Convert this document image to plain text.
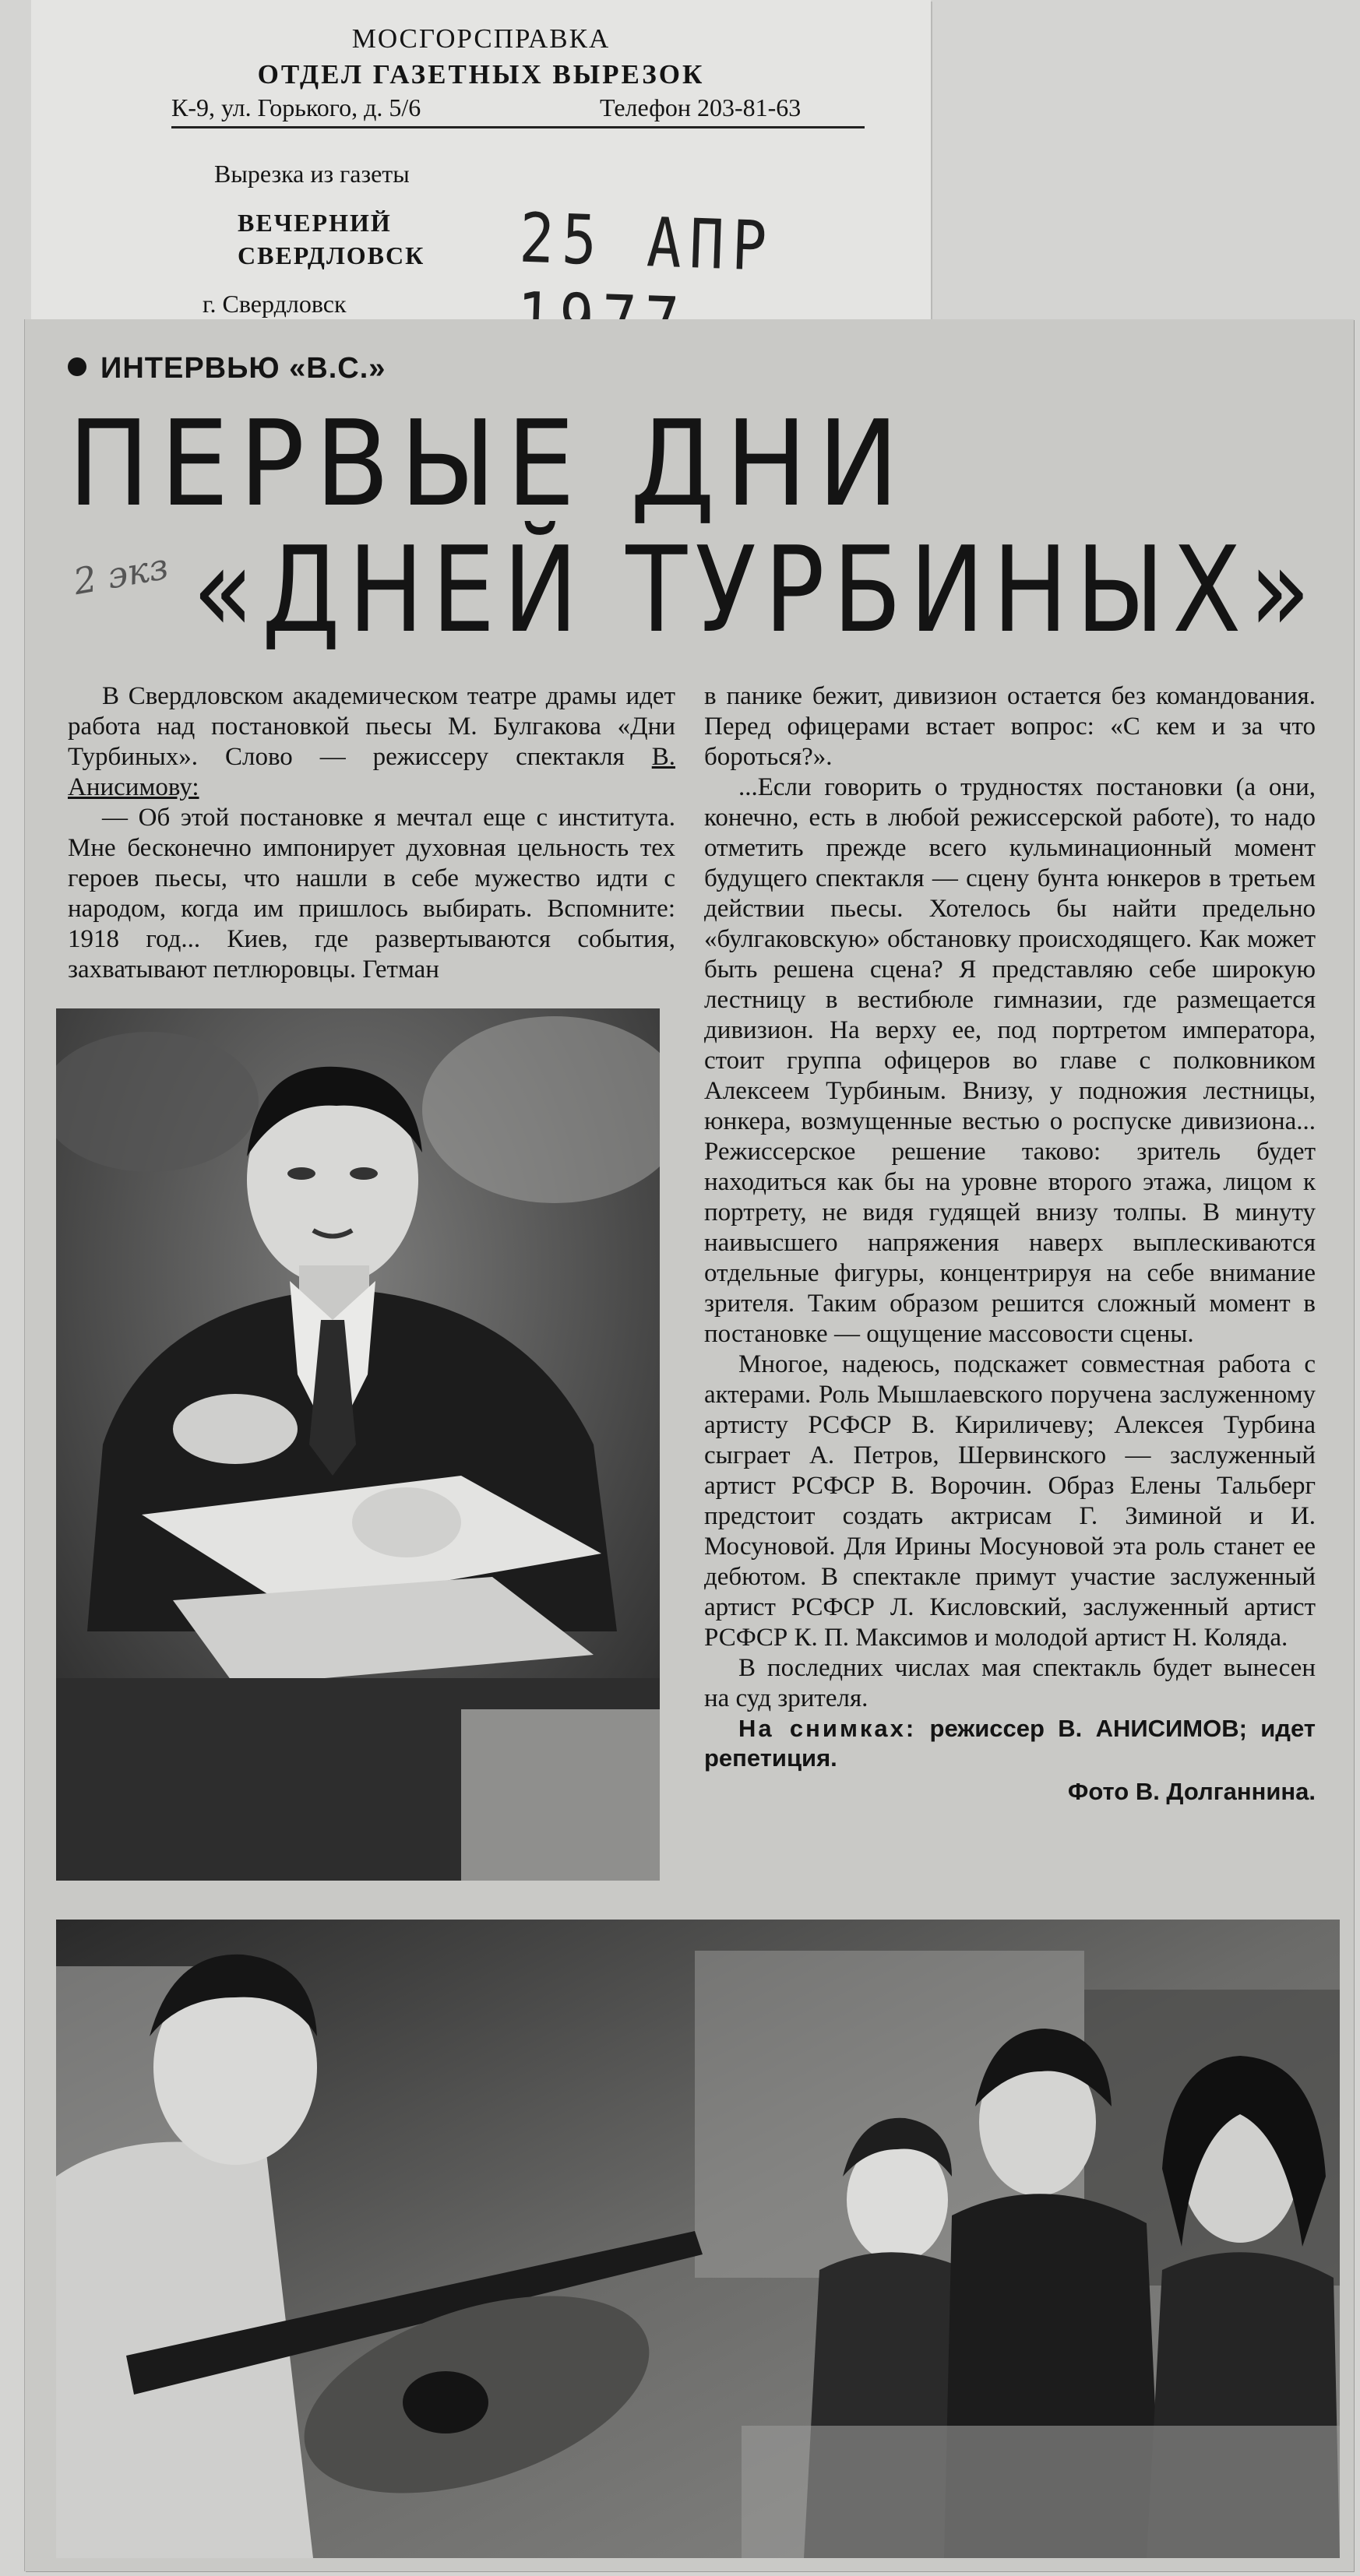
МОСГОРСПРАВКА
ОТДЕЛ ГАЗЕТНЫХ ВЫРЕЗОК
К-9, ул. Горького, д. 5/6	Телефон 203-81-63
Вырезка из газеты
ВЕЧЕРНИЙ
СВЕРДЛОВСК 25 АПР
г. Свердловск
ИНТЕРВЬЮ «В.С.»
ПЕРВЫЕ ДНИ
«ДНЕЙ ТУРБИНЫХ»
2 экз

В Свердловском академическом театре драмы идет работа над постановкой пьесы М. Булгакова «Дни Турбиных». Слово — режиссеру спектакля В. Анисимову:

— Об этой постановке я мечтал еще с института. Мне бесконечно импонирует духовная цельность тех героев пьесы, что нашли в себе мужество идти с народом, когда им пришлось выбирать. Вспомните: 1918 год... Киев, где развертываются события, захватывают петлюровцы. Гетман

в панике бежит, дивизион остается без командования. Перед офицерами встает вопрос: «С кем и за что бороться?».

...Если говорить о трудностях постановки (а они, конечно, есть в любой режиссерской работе), то надо отметить прежде всего кульминационный момент будущего спектакля — сцену бунта юнкеров в третьем действии пьесы. Хотелось бы найти предельно «булгаковскую» обстановку происходящего. Как может быть решена сцена? Я представляю себе широкую лестницу в вестибюле гимназии, где размещается дивизион. На верху ее, под портретом императора, стоит группа офицеров во главе с полковником Алексеем Турбиным. Внизу, у подножия лестницы, юнкера, возмущенные вестью о роспуске дивизиона... Режиссерское решение таково: зритель будет находиться как бы на уровне второго этажа, лицом к портрету, не видя гудящей внизу толпы. В минуту наивысшего напряжения наверх выплескиваются отдельные фигуры, концентрируя на себе внимание зрителя. Таким образом решится сложный момент в постановке — ощущение массовости сцены.

Многое, надеюсь, подскажет совместная работа с актерами. Роль Мышлаевского поручена заслуженному артисту РСФСР В. Кириличеву; Алексея Турбина сыграет А. Петров, Шервинского — заслуженный артист РСФСР В. Ворочин. Образ Елены Тальберг предстоит создать актрисам Г. Зиминой и И. Мосуновой. Для Ирины Мосуновой эта роль станет ее дебютом. В спектакле примут участие заслуженный артист РСФСР Л. Кисловский, заслуженный артист РСФСР К. П. Максимов и молодой артист Н. Коляда.

В последних числах мая спектакль будет вынесен на суд зрителя.

На снимках: режиссер В. АНИСИМОВ; идет репетиция.

Фото В. Долганнина.
